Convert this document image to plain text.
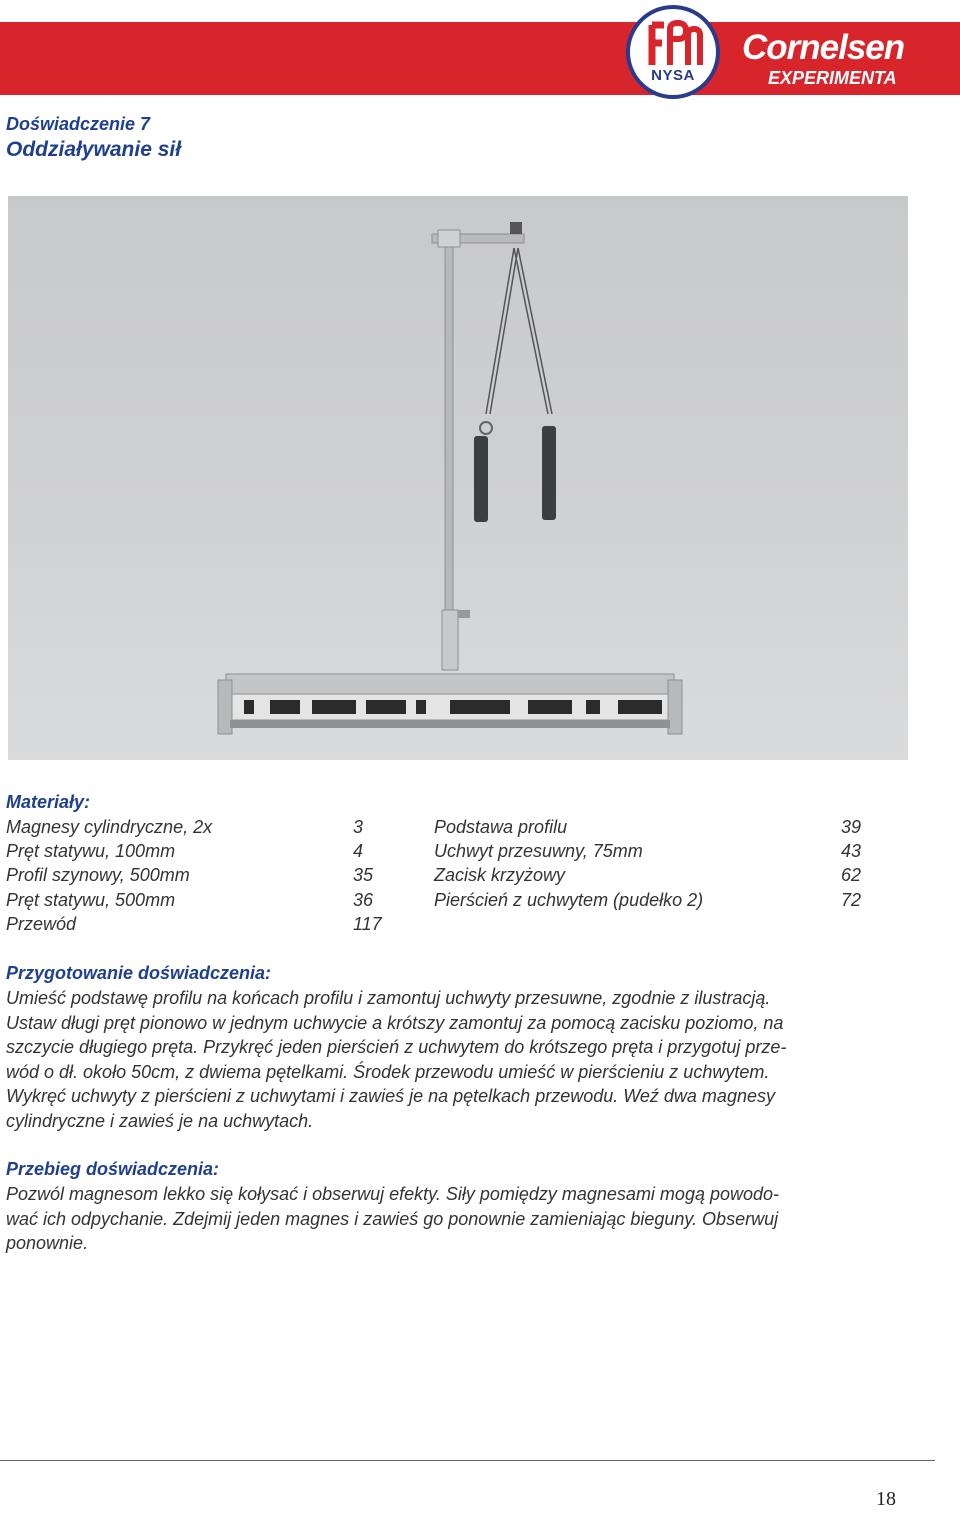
NYSA
Cornelsen
EXPERIMENTA
Doświadczenie 7
Oddziaływanie sił
Materiały:
Magnesy cylindryczne, 2x	3
Pręt statywu, 100mm	4
Profil szynowy, 500mm	35
Pręt statywu, 500mm	36
Przewód	117
Podstawa profilu	39
Uchwyt przesuwny, 75mm	43
Zacisk krzyżowy	62
Pierścień z uchwytem (pudełko 2)	72
Przygotowanie doświadczenia:
Umieść podstawę profilu na końcach profilu i zamontuj uchwyty przesuwne, zgodnie z ilustracją.
Ustaw długi pręt pionowo w jednym uchwycie a krótszy zamontuj za pomocą zacisku poziomo, na
szczycie długiego pręta. Przykręć jeden pierścień z uchwytem do krótszego pręta i przygotuj prze-
wód o dł. około 50cm, z dwiema pętelkami. Środek przewodu umieść w pierścieniu z uchwytem.
Wykręć uchwyty z pierścieni z uchwytami i zawieś je na pętelkach przewodu. Weź dwa magnesy
cylindryczne i zawieś je na uchwytach.
Przebieg doświadczenia:
Pozwól magnesom lekko się kołysać i obserwuj efekty. Siły pomiędzy magnesami mogą powodo-
wać ich odpychanie. Zdejmij jeden magnes i zawieś go ponownie zamieniając bieguny. Obserwuj
ponownie.
18
